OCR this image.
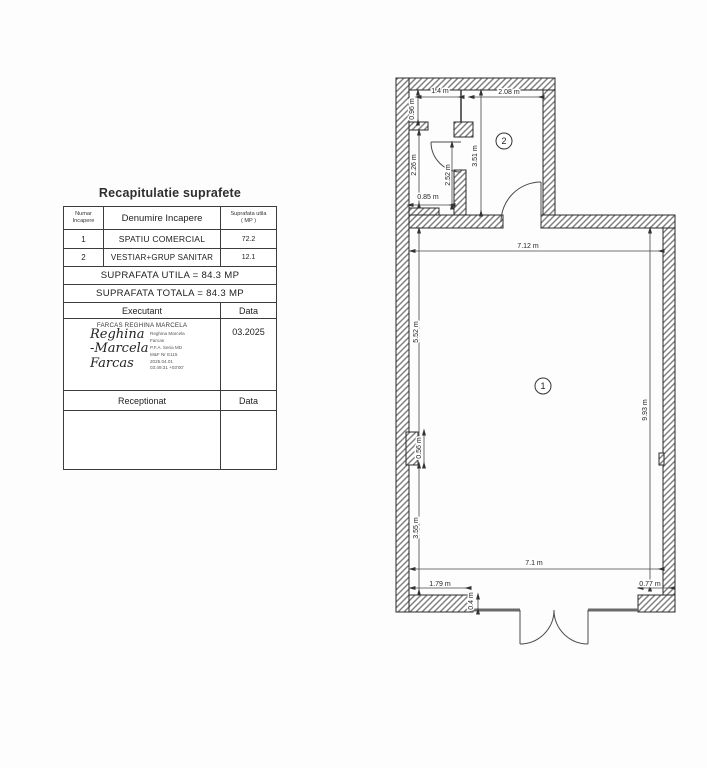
Recapitulatie suprafete
Numar
Incapere	Denumire Incapere	Suprafata utila
( MP )
1	SPATIU COMERCIAL	72.2
2	VESTIAR+GRUP SANITAR	12.1
SUPRAFATA UTILA = 84.3 MP
SUPRAFATA TOTALA = 84.3 MP
Executant	Data
FARCAS REGHINA MARCELA
Reghina
-Marcela
Farcas
Reghina Marcela
Farcas
P.F.A. Seria MD
M&F Nr E115
2025.04.01
03:49:31 +03'00'
03.2025
Receptionat	Data
0.96 m
1.4 m	2.08 m
3.51 m
2.26 m	2.52 m
0.85 m
7.12 m
5.52 m
9.93 m
0.56 m
3.55 m
7.1 m
1.79 m
0.4 m
0.77 m
1
2
